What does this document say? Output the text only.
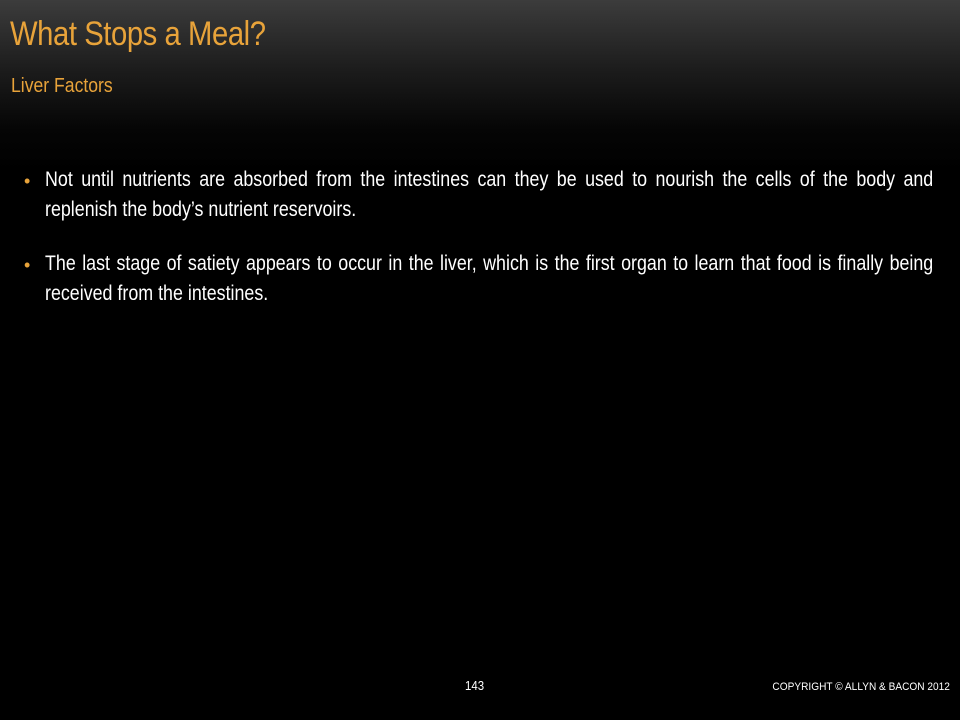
What Stops a Meal?
Liver Factors
• Not until nutrients are absorbed from the intestines can they be used to nourish the cells of the body and replenish the body’s nutrient reservoirs.
• The last stage of satiety appears to occur in the liver, which is the first organ to learn that food is finally being received from the intestines.
143	COPYRIGHT © ALLYN & BACON 2012
